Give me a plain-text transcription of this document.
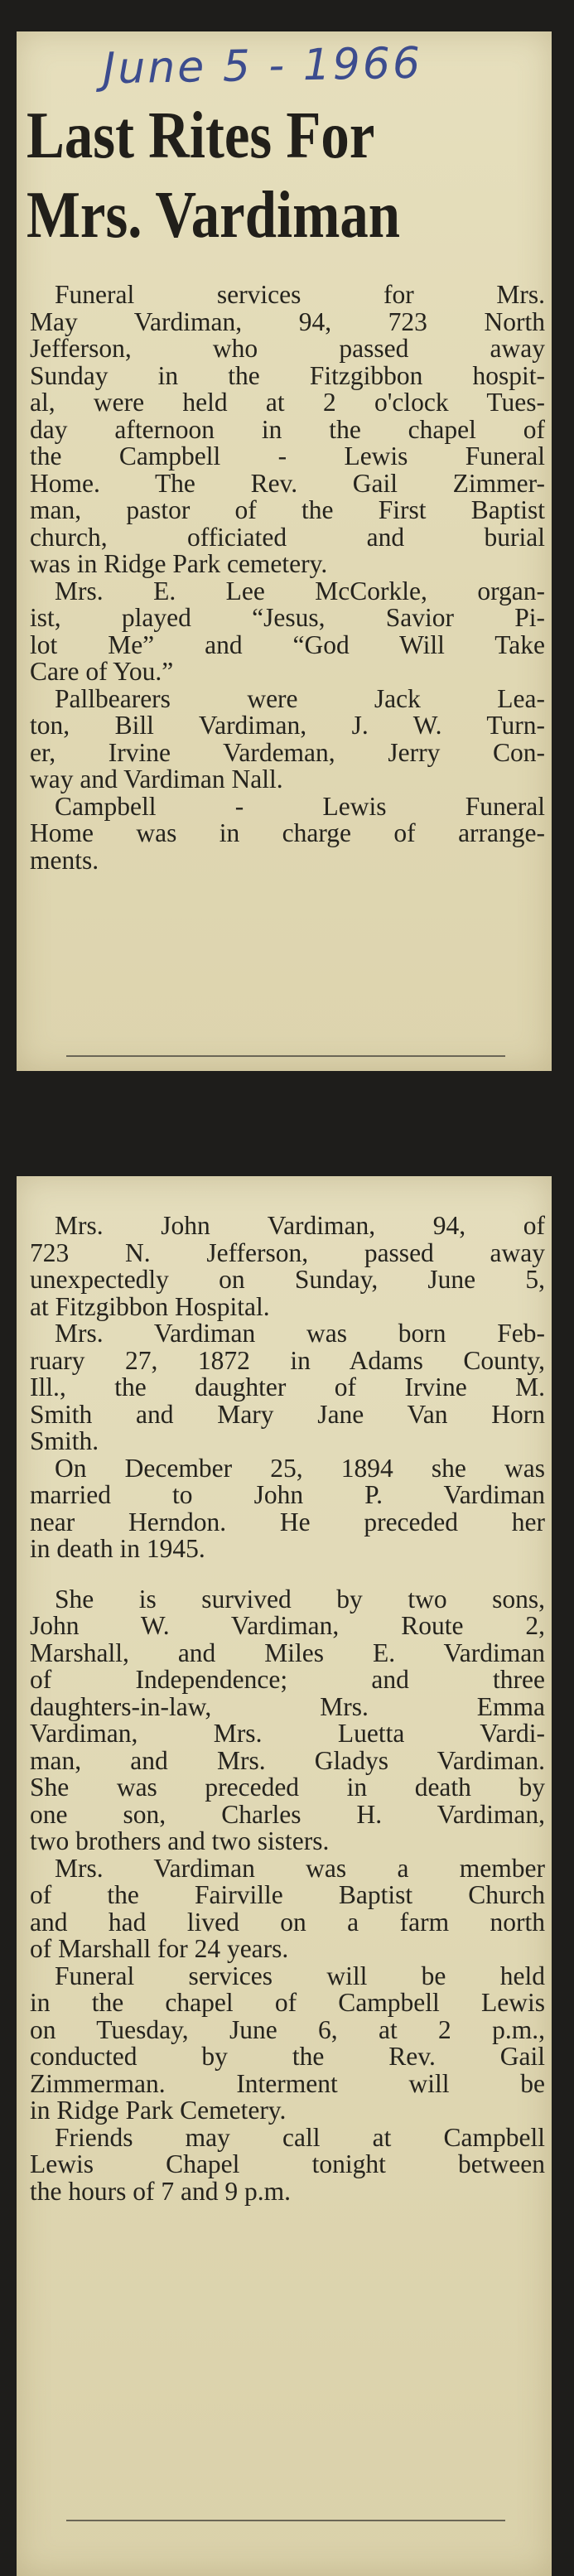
June 5 - 1966
Last Rites For
Mrs. Vardiman
Funeral services for Mrs.
May Vardiman, 94, 723 North
Jefferson, who passed away
Sunday in the Fitzgibbon hospit-
al, were held at 2 o'clock Tues-
day afternoon in the chapel of
the Campbell - Lewis Funeral
Home. The Rev. Gail Zimmer-
man, pastor of the First Baptist
church, officiated and burial
was in Ridge Park cemetery.
Mrs. E. Lee McCorkle, organ-
ist, played “Jesus, Savior Pi-
lot Me” and “God Will Take
Care of You.”
Pallbearers were Jack Lea-
ton, Bill Vardiman, J. W. Turn-
er, Irvine Vardeman, Jerry Con-
way and Vardiman Nall.
Campbell - Lewis Funeral
Home was in charge of arrange-
ments.
Mrs. John Vardiman, 94, of
723 N. Jefferson, passed away
unexpectedly on Sunday, June 5,
at Fitzgibbon Hospital.
Mrs. Vardiman was born Feb-
ruary 27, 1872 in Adams County,
Ill., the daughter of Irvine M.
Smith and Mary Jane Van Horn
Smith.
On December 25, 1894 she was
married to John P. Vardiman
near Herndon. He preceded her
in death in 1945.
She is survived by two sons,
John W. Vardiman, Route 2,
Marshall, and Miles E. Vardiman
of Independence; and three
daughters-in-law, Mrs. Emma
Vardiman, Mrs. Luetta Vardi-
man, and Mrs. Gladys Vardiman.
She was preceded in death by
one son, Charles H. Vardiman,
two brothers and two sisters.
Mrs. Vardiman was a member
of the Fairville Baptist Church
and had lived on a farm north
of Marshall for 24 years.
Funeral services will be held
in the chapel of Campbell Lewis
on Tuesday, June 6, at 2 p.m.,
conducted by the Rev. Gail
Zimmerman. Interment will be
in Ridge Park Cemetery.
Friends may call at Campbell
Lewis Chapel tonight between
the hours of 7 and 9 p.m.
